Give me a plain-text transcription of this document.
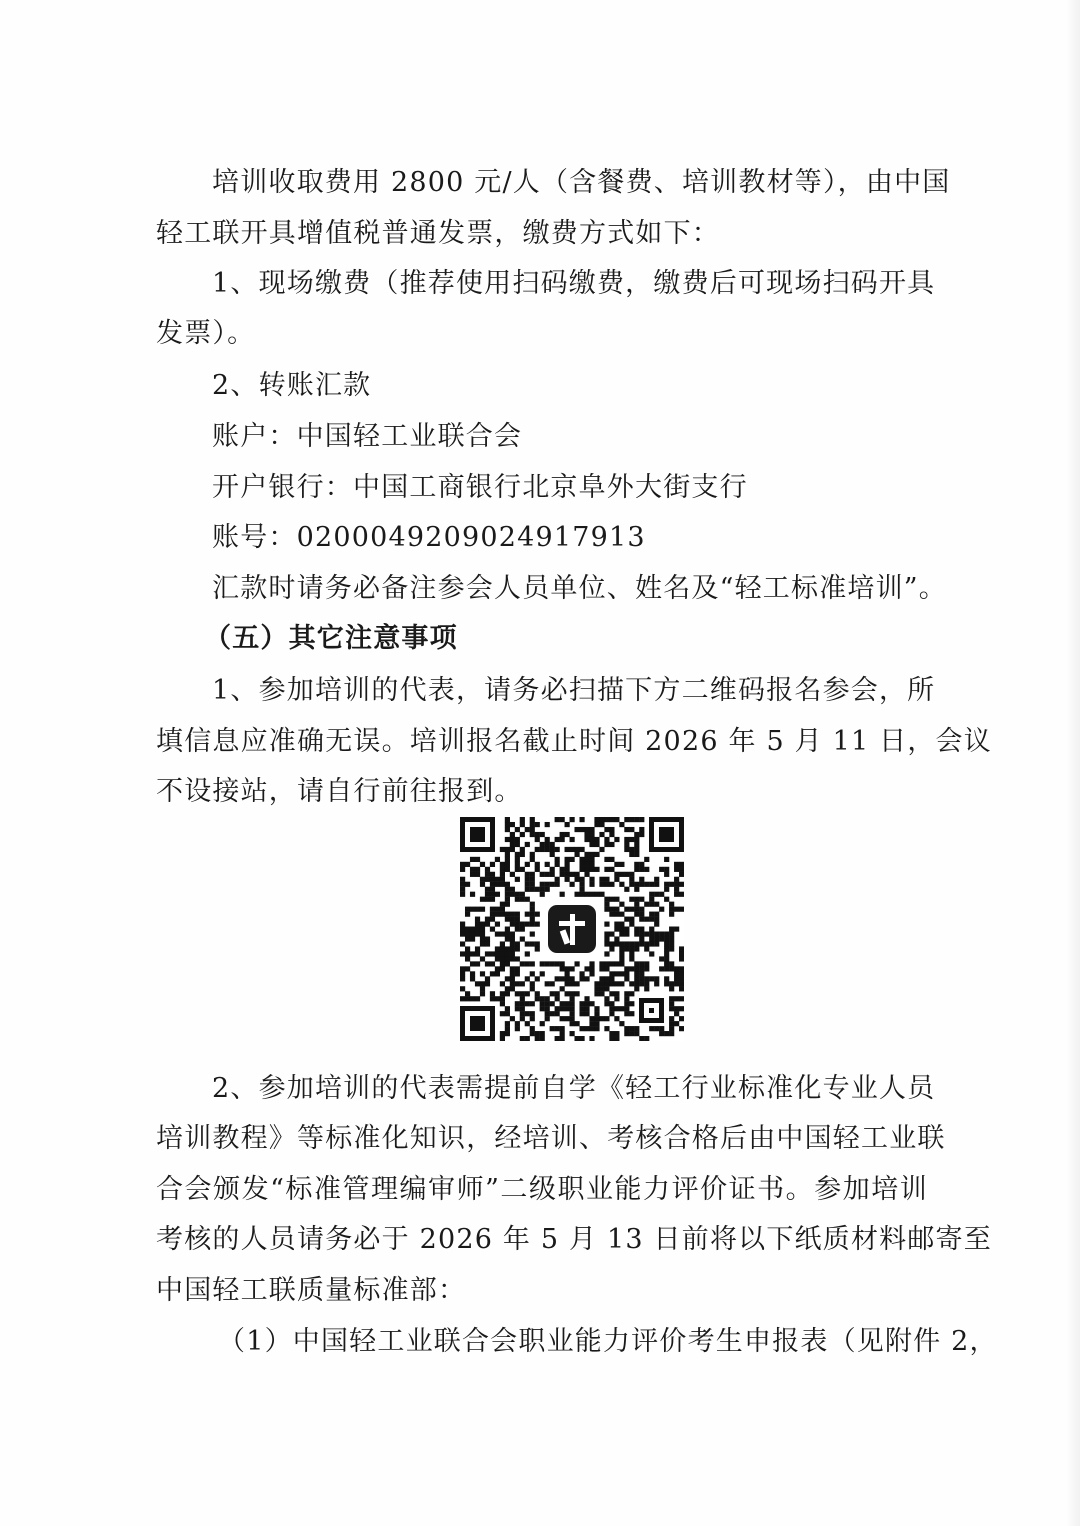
培训收取费用 2800 元/人（含餐费、培训教材等），由中国
轻工联开具增值税普通发票，缴费方式如下：
1、现场缴费（推荐使用扫码缴费，缴费后可现场扫码开具
发票）。
2、转账汇款
账户：中国轻工业联合会
开户银行：中国工商银行北京阜外大街支行
账号：0200049209024917913
汇款时请务必备注参会人员单位、姓名及“轻工标准培训”。
（五）其它注意事项
1、参加培训的代表，请务必扫描下方二维码报名参会，所
填信息应准确无误。培训报名截止时间 2026 年 5 月 11 日，会议
不设接站，请自行前往报到。
2、参加培训的代表需提前自学《轻工行业标准化专业人员
培训教程》等标准化知识，经培训、考核合格后由中国轻工业联
合会颁发“标准管理编审师”二级职业能力评价证书。参加培训
考核的人员请务必于 2026 年 5 月 13 日前将以下纸质材料邮寄至
中国轻工联质量标准部：
（1）中国轻工业联合会职业能力评价考生申报表（见附件 2，
